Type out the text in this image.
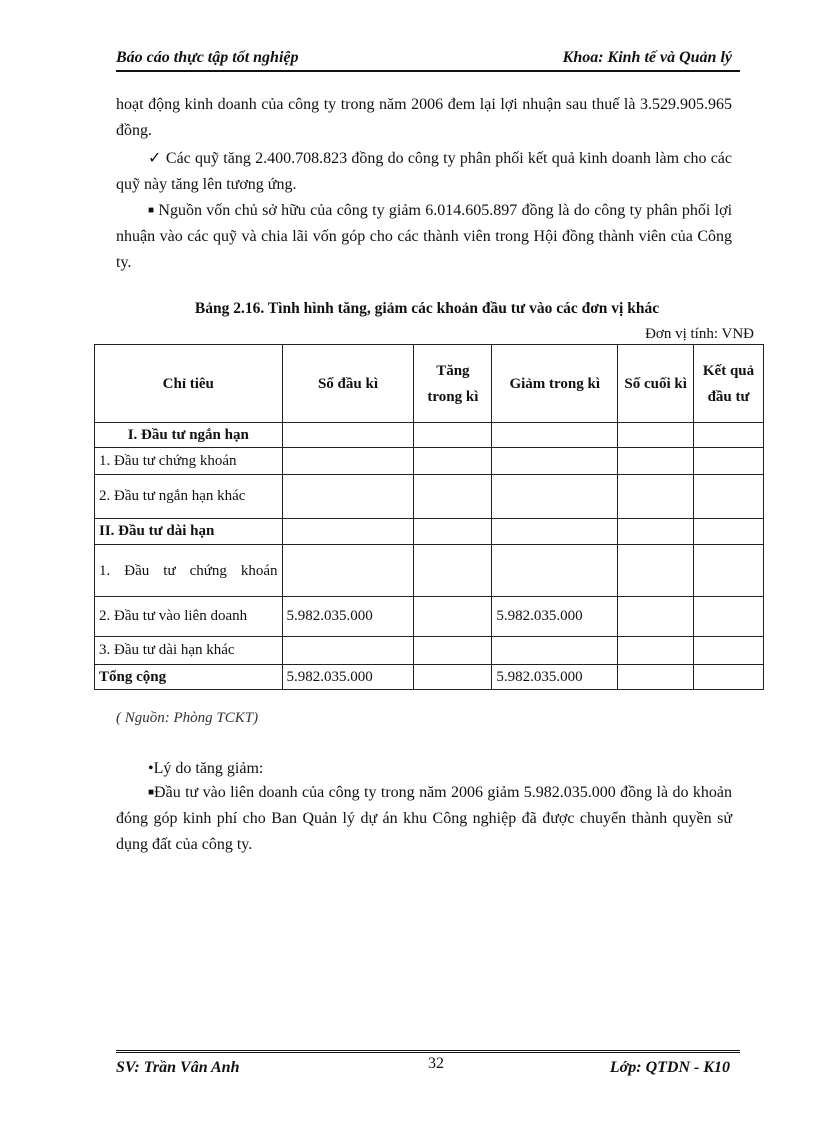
Báo cáo thực tập tốt nghiệp	Khoa: Kinh tế và Quản lý

hoạt động kinh doanh của công ty trong năm 2006 đem lại lợi nhuận sau thuế là 3.529.905.965 đồng.

✓ Các quỹ tăng 2.400.708.823 đồng do công ty phân phối kết quả kinh doanh làm cho các quỹ này tăng lên tương ứng.

■ Nguồn vốn chủ sở hữu của công ty giảm 6.014.605.897 đồng là do công ty phân phối lợi nhuận vào các quỹ và chia lãi vốn góp cho các thành viên trong Hội đồng thành viên của Công ty.

Bảng 2.16. Tình hình tăng, giảm các khoản đầu tư vào các đơn vị khác

Đơn vị tính: VNĐ
Chỉ tiêu	Số đầu kì	Tăng trong kì	Giảm trong kì	Số cuối kì	Kết quả đầu tư
I. Đầu tư ngắn hạn					
1. Đầu tư chứng khoán					
2. Đầu tư ngắn hạn khác					
II. Đầu tư dài hạn					
1. Đầu tư chứng khoán					
2. Đầu tư vào liên doanh	5.982.035.000		5.982.035.000		
3. Đầu tư dài hạn khác					
Tổng cộng	5.982.035.000		5.982.035.000		
( Nguồn: Phòng TCKT)

•Lý do tăng giảm:

■Đầu tư vào liên doanh của công ty trong năm 2006 giảm 5.982.035.000 đồng là do khoản đóng góp kinh phí cho Ban Quản lý dự án khu Công nghiệp đã được chuyển thành quyền sử dụng đất của công ty.

SV: Trần Vân Anh	32	Lớp: QTDN - K10
